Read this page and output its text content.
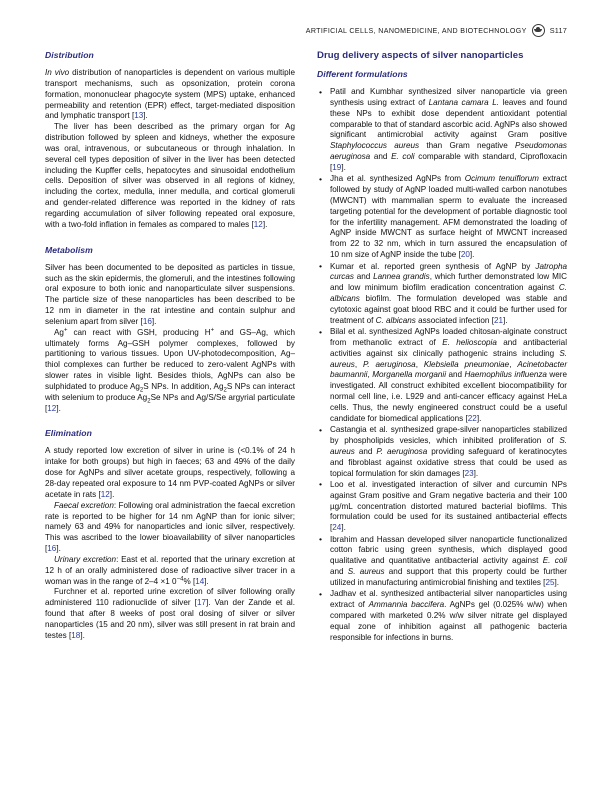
ARTIFICIAL CELLS, NANOMEDICINE, AND BIOTECHNOLOGY	S117
Distribution

In vivo distribution of nanoparticles is dependent on various multiple transport mechanisms, such as opsonization, protein corona formation, mononuclear phagocyte system (MPS) uptake, enhanced permeability and retention (EPR) effect, target-mediated disposition and lymphatic transport [13].

The liver has been described as the primary organ for Ag distribution followed by spleen and kidneys, whether the exposure was oral, intravenous, or subcutaneous or through inhalation. In several cell types deposition of silver in the liver has been detected including the Kupffer cells, hepatocytes and sinusoidal endothelium cells. Deposition of silver was observed in all regions of kidney, including the cortex, medulla, inner medulla, and cortical glomeruli and gender-related difference was reported in the kidney of rats regarding accumulation of silver following repeated oral exposure, with a two-fold inflation in females as compared to males [12].

Metabolism

Silver has been documented to be deposited as particles in tissue, such as the skin epidermis, the glomeruli, and the intestines following oral exposure to both ionic and nanoparticulate silver suspensions. The particle size of these nanoparticles has been described to be 12 nm in diameter in the rat intestine and contain sulphur and selenium apart from silver [16].

Ag+ can react with GSH, producing H+ and GS–Ag, which ultimately forms Ag–GSH polymer complexes, followed by partitioning to various tissues. Upon UV-photodecomposition, Ag–thiol complexes can further be reduced to zero-valent AgNPs with slower rates in visible light. Besides thiols, AgNPs can also be sulphidated to produce $Ag_2S$ NPs. In addition, $Ag_2S$ NPs can interact with selenium to produce $Ag_2Se$ NPs and Ag/S/Se argyrial particulate [12].

Elimination

A study reported low excretion of silver in urine is (<0.1% of 24 h intake for both groups) but high in faeces; 63 and 49% of the daily dose for AgNPs and silver acetate groups, respectively, following a 28-day repeated oral exposure to 14 nm PVP-coated AgNPs or silver acetate in rats [12].

Faecal excretion: Following oral administration the faecal excretion rate is reported to be higher for 14 nm AgNP than for ionic silver; namely 63 and 49% for nanoparticles and ionic silver, respectively. This was ascribed to the lower bioavailability of silver nanoparticles [16].

Urinary excretion: East et al. reported that the urinary excretion at 12 h of an orally administered dose of radioactive silver tracer in a woman was in the range of 2–4 ×1 $0^{-4}\%$ [14].

Furchner et al. reported urine excretion of silver following orally administered 110 radionuclide of silver [17]. Van der Zande et al. found that after 8 weeks of post oral dosing of silver or silver nanoparticles (15 and 20 nm), silver was still present in rat brain and testes [18].

Drug delivery aspects of silver nanoparticles
Different formulations
• Patil and Kumbhar synthesized silver nanoparticle via green synthesis using extract of Lantana camara L. leaves and found these NPs to exhibit dose dependent antioxidant potential comparable to that of standard ascorbic acid. AgNPs also showed significant antimicrobial activity against Gram positive Staphylococcus aureus than Gram negative Pseudomonas aeruginosa and E. coli comparable with standard, Ciprofloxacin [19].
• Jha et al. synthesized AgNPs from Ocimum tenuiflorum extract followed by study of AgNP loaded multi-walled carbon nanotubes (MWCNT) with mammalian sperm to evaluate the increased targeting potential for the development of portable diagnostic tool for the infertility management. AFM demonstrated the loading of AgNP inside MWCNT as surface height of MWCNT increased from 22 to 32 nm, which in turn assured the encapsulation of 10 nm size of AgNP inside the tube [20].
• Kumar et al. reported green synthesis of AgNP by Jatropha curcas and Lannea grandis, which further demonstrated low MIC and low minimum biofilm eradication concentration against C. albicans biofilm. The formulation developed was stable and cytotoxic against goat blood RBC and it could be further used for treatment of C. albicans associated infection [21].
• Bilal et al. synthesized AgNPs loaded chitosan-alginate construct from methanolic extract of E. helioscopia and antibacterial activities against six clinically pathogenic strains including S. aureus, P. aeruginosa, Klebsiella pneumoniae, Acinetobacter baumannii, Morganella morganii and Haemophilus influenza were investigated. All construct exhibited excellent biocompatibility for normal cell line, i.e. L929 and anti-cancer efficacy against HeLa cells. Thus, the newly engineered construct could be a useful candidate for biomedical applications [22].
• Castangia et al. synthesized grape-silver nanoparticles stabilized by phospholipids vesicles, which inhibited proliferation of S. aureus and P. aeruginosa providing safeguard of keratinocytes and fibroblast against oxidative stress that could be used as topical formulation for skin damages [23].
• Loo et al. investigated interaction of silver and curcumin NPs against Gram positive and Gram negative bacteria and their 100 µg/mL concentration distorted matured bacterial biofilms. This formulation could be used for its sustained antibacterial effects [24].
• Ibrahim and Hassan developed silver nanoparticle functionalized cotton fabric using green synthesis, which displayed good qualitative and quantitative antibacterial activity against E. coli and S. aureus and support that this property could be further utilized in manufacturing antimicrobial finishing and textiles [25].
• Jadhav et al. synthesized antibacterial silver nanoparticles using extract of Ammannia baccifera. AgNPs gel (0.025% w/w) when compared with marketed 0.2% w/w silver nitrate gel displayed equal zone of inhibition against all pathogenic bacteria responsible for infections in burns.
